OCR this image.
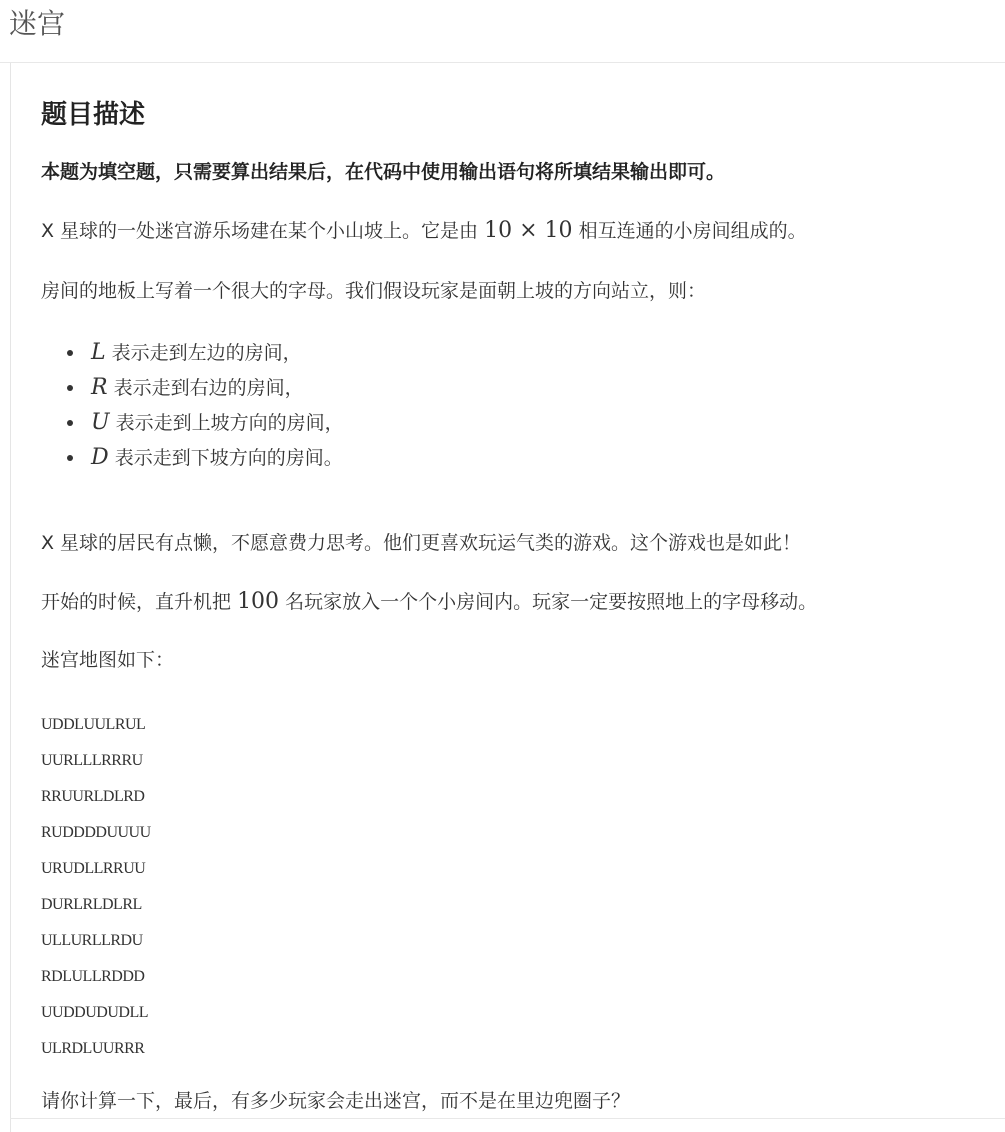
迷宫
题目描述

本题为填空题，只需要算出结果后，在代码中使用输出语句将所填结果输出即可。

X 星球的一处迷宫游乐场建在某个小山坡上。它是由 10 × 10 相互连通的小房间组成的。

房间的地板上写着一个很大的字母。我们假设玩家是面朝上坡的方向站立，则：

L 表示走到左边的房间，
R 表示走到右边的房间，
U 表示走到上坡方向的房间，
D 表示走到下坡方向的房间。

X 星球的居民有点懒，不愿意费力思考。他们更喜欢玩运气类的游戏。这个游戏也是如此！

开始的时候，直升机把 100 名玩家放入一个个小房间内。玩家一定要按照地上的字母移动。

迷宫地图如下：

UDDLUULRUL
UURLLLRRRU
RRUURLDLRD
RUDDDDUUUU
URUDLLRRUU
DURLRLDLRL
ULLURLLRDU
RDLULLRDDD
UUDDUDUDLL
ULRDLUURRR

请你计算一下，最后，有多少玩家会走出迷宫，而不是在里边兜圈子？
